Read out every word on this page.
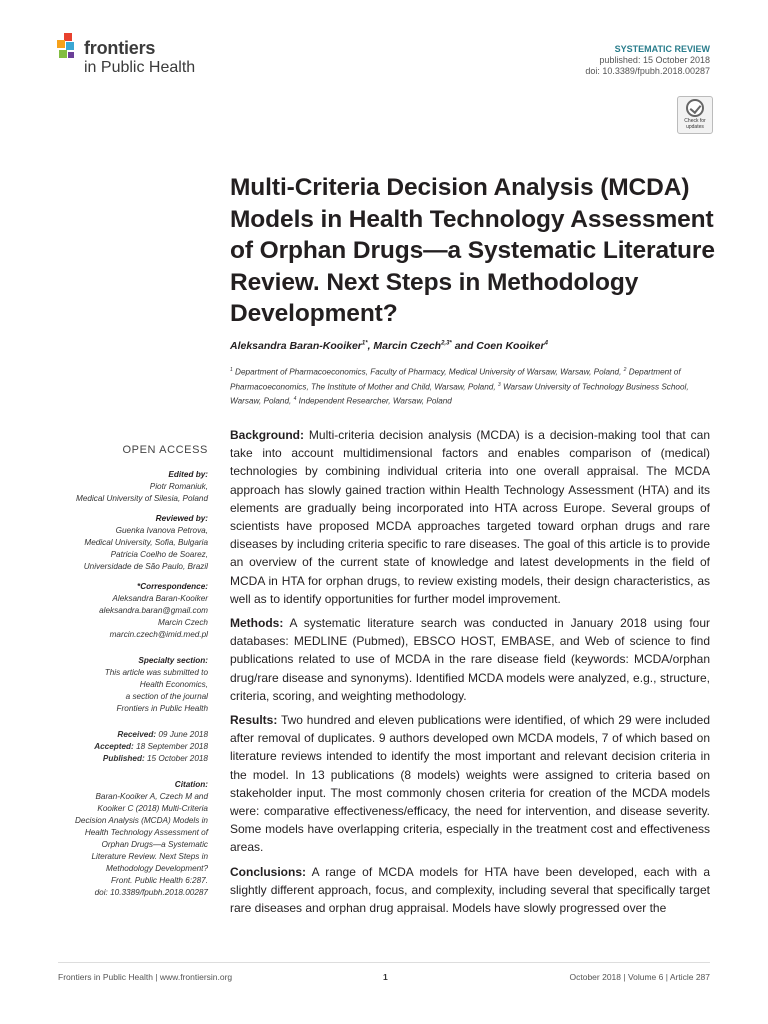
frontiers
in Public Health
SYSTEMATIC REVIEW
published: 15 October 2018
doi: 10.3389/fpubh.2018.00287
Check for
updates
Multi-Criteria Decision Analysis (MCDA) Models in Health Technology Assessment of Orphan Drugs—a Systematic Literature Review. Next Steps in Methodology Development?
Aleksandra Baran-Kooiker$^{1*}$, Marcin Czech$^{2,3*}$ and Coen Kooiker$^4$
$^1$ Department of Pharmacoeconomics, Faculty of Pharmacy, Medical University of Warsaw, Warsaw, Poland, $^2$ Department of Pharmacoeconomics, The Institute of Mother and Child, Warsaw, Poland, $^3$ Warsaw University of Technology Business School, Warsaw, Poland, $^4$ Independent Researcher, Warsaw, Poland
OPEN ACCESS
Edited by:
Piotr Romaniuk,
Medical University of Silesia, Poland
Reviewed by:
Guenka Ivanova Petrova,
Medical University, Sofia, Bulgaria
Patricia Coelho de Soarez,
Universidade de São Paulo, Brazil
*Correspondence:
Aleksandra Baran-Kooiker
aleksandra.baran@gmail.com
Marcin Czech
marcin.czech@imid.med.pl
Specialty section:
This article was submitted to
Health Economics,
a section of the journal
Frontiers in Public Health
Received: 09 June 2018
Accepted: 18 September 2018
Published: 15 October 2018
Citation:
Baran-Kooiker A, Czech M and
Kooiker C (2018) Multi-Criteria
Decision Analysis (MCDA) Models in
Health Technology Assessment of
Orphan Drugs—a Systematic
Literature Review. Next Steps in
Methodology Development?
Front. Public Health 6:287.
doi: 10.3389/fpubh.2018.00287

Background: Multi-criteria decision analysis (MCDA) is a decision-making tool that can take into account multidimensional factors and enables comparison of (medical) technologies by combining individual criteria into one overall appraisal. The MCDA approach has slowly gained traction within Health Technology Assessment (HTA) and its elements are gradually being incorporated into HTA across Europe. Several groups of scientists have proposed MCDA approaches targeted toward orphan drugs and rare diseases by including criteria specific to rare diseases. The goal of this article is to provide an overview of the current state of knowledge and latest developments in the field of MCDA in HTA for orphan drugs, to review existing models, their design characteristics, as well as to identify opportunities for further model improvement.

Methods: A systematic literature search was conducted in January 2018 using four databases: MEDLINE (Pubmed), EBSCO HOST, EMBASE, and Web of science to find publications related to use of MCDA in the rare disease field (keywords: MCDA/orphan drug/rare disease and synonyms). Identified MCDA models were analyzed, e.g., structure, criteria, scoring, and weighting methodology.

Results: Two hundred and eleven publications were identified, of which 29 were included after removal of duplicates. 9 authors developed own MCDA models, 7 of which based on literature reviews intended to identify the most important and relevant decision criteria in the model. In 13 publications (8 models) weights were assigned to criteria based on stakeholder input. The most commonly chosen criteria for creation of the MCDA models were: comparative effectiveness/efficacy, the need for intervention, and disease severity. Some models have overlapping criteria, especially in the treatment cost and effectiveness areas.

Conclusions: A range of MCDA models for HTA have been developed, each with a slightly different approach, focus, and complexity, including several that specifically target rare diseases and orphan drug appraisal. Models have slowly progressed over the

Frontiers in Public Health | www.frontiersin.org	1	October 2018 | Volume 6 | Article 287
